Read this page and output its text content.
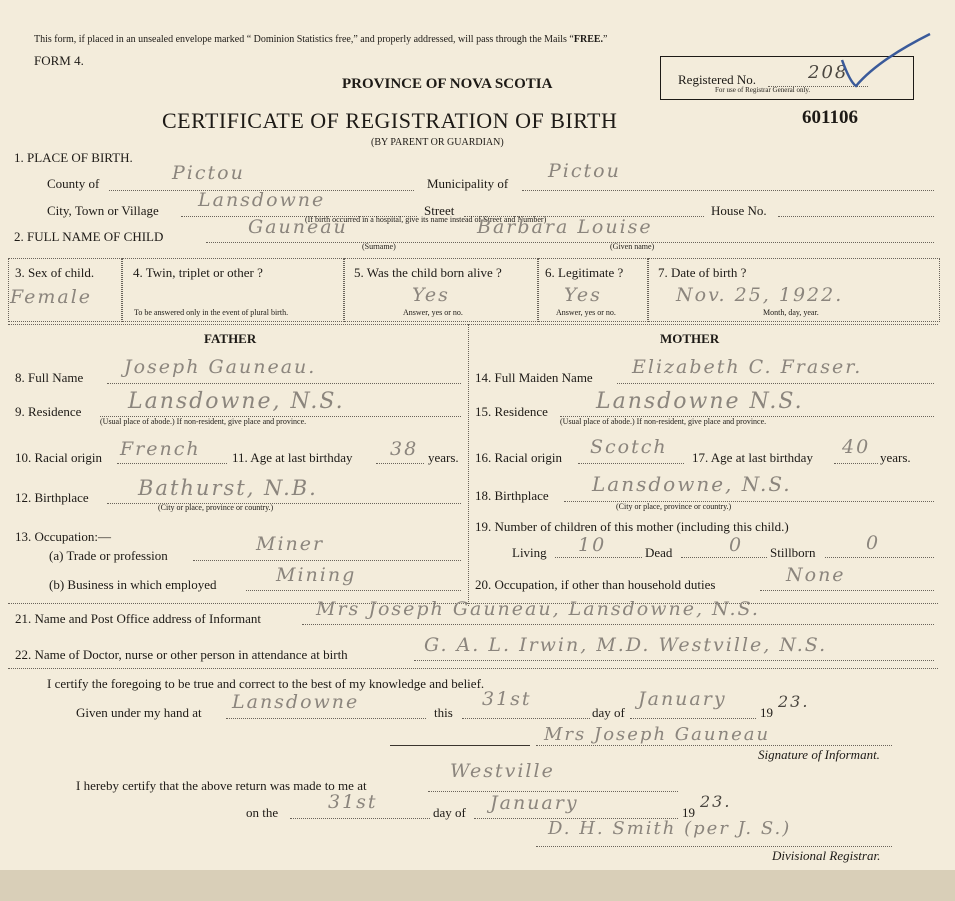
This form, if placed in an unsealed envelope marked “ Dominion Statistics free,” and properly addressed, will pass through the Mails “FREE.”
FORM 4.
Registered No.	208
For use of Registrar General only.
PROVINCE OF NOVA SCOTIA
CERTIFICATE OF REGISTRATION OF BIRTH	601106
(BY PARENT OR GUARDIAN)
1. PLACE OF BIRTH.
County of	Pictou	Municipality of
Pictou
City, Town or Village Lansdowne	Street	House No.
(If birth occurred in a hospital, give its name instead of Street and Number)
2. FULL NAME OF CHILD	Gauneau	Barbara Louise
(Surname)	(Given name)
3. Sex of child.
Female
4. Twin, triplet or other ?
To be answered only in the event of plural birth.
5. Was the child born alive ?
Yes
Answer, yes or no.
6. Legitimate ?
Yes
Answer, yes or no.
7. Date of birth ?
Nov. 25, 1922.
Month, day, year.
FATHER	MOTHER
8. Full Name Joseph Gauneau.
9. Residence Lansdowne, N.S.
(Usual place of abode.) If non-resident, give place and province.
10. Racial origin French 11. Age at last birthday 38 years.
12. Birthplace Bathurst, N.B.
(City or place, province or country.)
13. Occupation:—
(a) Trade or profession
Miner
(b) Business in which employed	Mining
14. Full Maiden Name Elizabeth C. Fraser.
15. Residence Lansdowne N.S.
(Usual place of abode.) If non-resident, give place and province.
16. Racial origin Scotch 17. Age at last birthday 40 years.
18. Birthplace Lansdowne, N.S.
(City or place, province or country.)
19. Number of children of this mother (including this child.)
Living 10	Dead	0 Stillborn	0
20. Occupation, if other than household duties	None
21. Name and Post Office address of Informant	Mrs Joseph Gauneau, Lansdowne, N.S.
22. Name of Doctor, nurse or other person in attendance at birth	G. A. L. Irwin, M.D. Westville, N.S.
I certify the foregoing to be true and correct to the best of my knowledge and belief.
Given under my hand at Lansdowne	this
31st
day of
January
19
23.
Mrs Joseph Gauneau
Signature of Informant.
I hereby certify that the above return was made to me at
Westville
on the	31st	day of January	19
23.
D. H. Smith (per J. S.)
Divisional Registrar.
